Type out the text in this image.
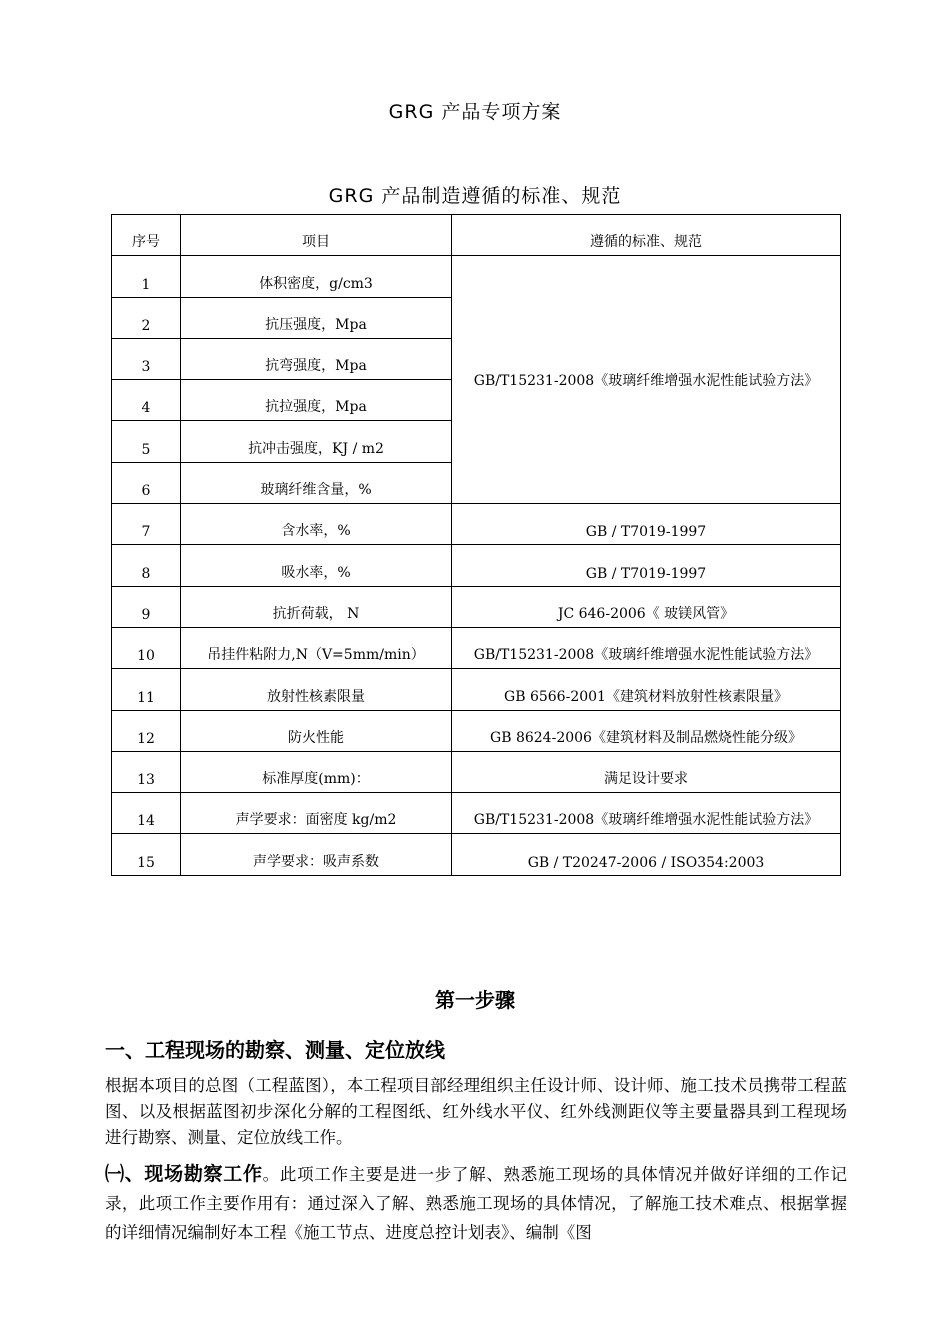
GRG 产品专项方案
GRG 产品制造遵循的标准、规范
序号	项目	遵循的标准、规范
1	体积密度，g/cm3	GB/T15231-2008《玻璃纤维增强水泥性能试验方法》
2	抗压强度，Mpa	
3	抗弯强度，Mpa	
4	抗拉强度，Mpa	
5	抗冲击强度，KJ / m2	
6	玻璃纤维含量，%	
7	含水率，%	GB / T7019-1997
8	吸水率，%	GB / T7019-1997
9	抗折荷载， N	JC 646-2006《 玻镁风管》
10	吊挂件粘附力,N（V=5mm/min）	GB/T15231-2008《玻璃纤维增强水泥性能试验方法》
11	放射性核素限量	GB 6566-2001《建筑材料放射性核素限量》
12	防火性能	GB 8624-2006《建筑材料及制品燃烧性能分级》
13	标准厚度(mm)：	满足设计要求
14	声学要求：面密度 kg/m2	GB/T15231-2008《玻璃纤维增强水泥性能试验方法》
15	声学要求：吸声系数	GB / T20247-2006 / ISO354:2003
第一步骤
一、工程现场的勘察、测量、定位放线
根据本项目的总图（工程蓝图），本工程项目部经理组织主任设计师、设计师、施工技术员携带工程蓝图、以及根据蓝图初步深化分解的工程图纸、红外线水平仪、红外线测距仪等主要量器具到工程现场进行勘察、测量、定位放线工作。
㈠、现场勘察工作。此项工作主要是进一步了解、熟悉施工现场的具体情况并做好详细的工作记录，此项工作主要作用有：通过深入了解、熟悉施工现场的具体情况，了解施工技术难点、根据掌握的详细情况编制好本工程《施工节点、进度总控计划表》、编制《图
